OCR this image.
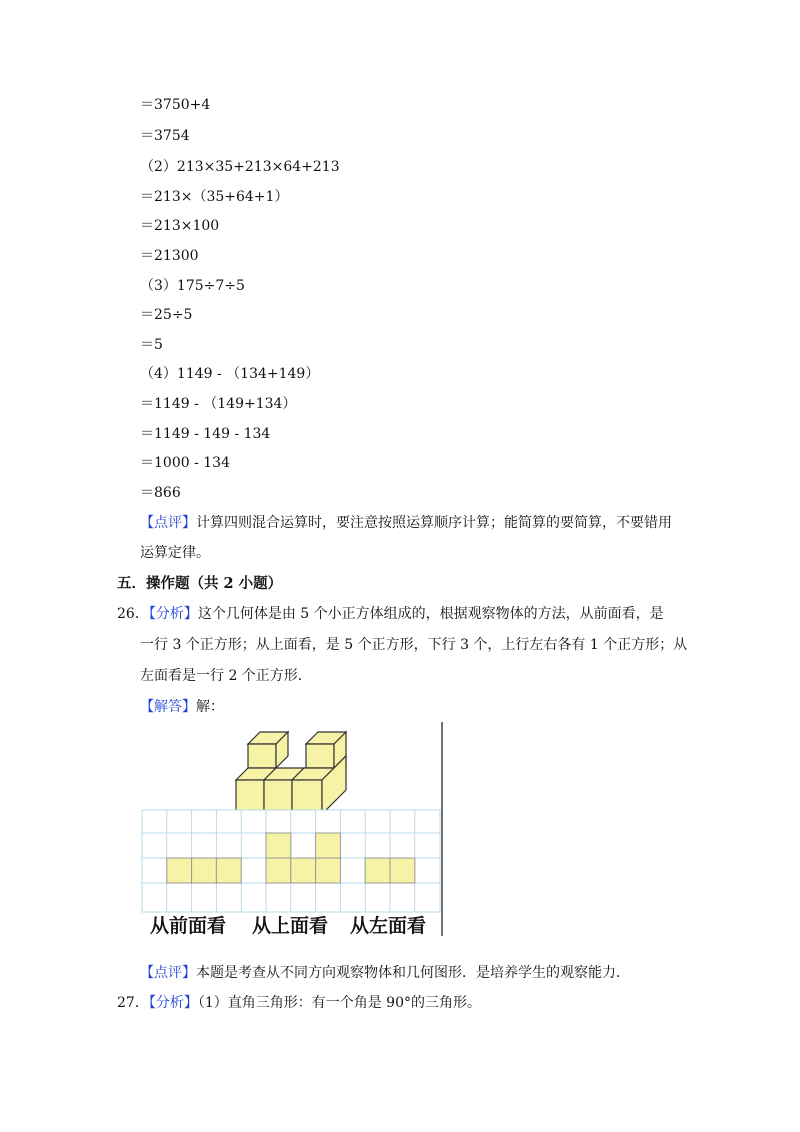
＝3750+4
＝3754
（2）213×35+213×64+213
＝213×（35+64+1）
＝213×100
＝21300
（3）175÷7÷5
＝25÷5
＝5
（4）1149 - （134+149）
＝1149 - （149+134）
＝1149 - 149 - 134
＝1000 - 134
＝866
【点评】计算四则混合运算时，要注意按照运算顺序计算；能简算的要简算，不要错用
运算定律。
五．操作题（共 2 小题）
26．【分析】这个几何体是由 5 个小正方体组成的，根据观察物体的方法，从前面看，是
一行 3 个正方形；从上面看，是 5 个正方形，下行 3 个，上行左右各有 1 个正方形；从
左面看是一行 2 个正方形．
【解答】解：
从前面看 从上面看 从左面看
【点评】本题是考查从不同方向观察物体和几何图形．是培养学生的观察能力．
27．【分析】（1）直角三角形：有一个角是 90°的三角形。
